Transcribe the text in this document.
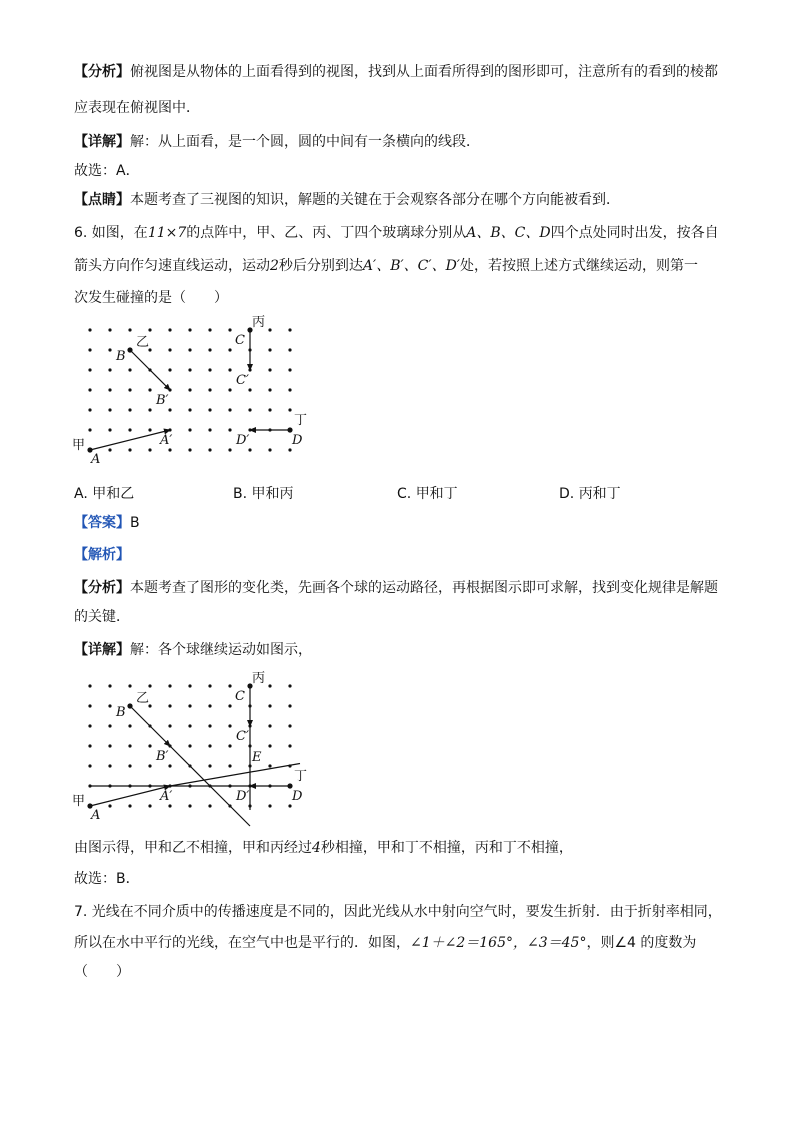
【分析】俯视图是从物体的上面看得到的视图，找到从上面看所得到的图形即可，注意所有的看到的棱都
应表现在俯视图中．
【详解】解：从上面看，是一个圆，圆的中间有一条横向的线段．
故选：A．
【点睛】本题考查了三视图的知识，解题的关键在于会观察各部分在哪个方向能被看到．
6. 如图，在11×7的点阵中，甲、乙、丙、丁四个玻璃球分别从A、B、C、D四个点处同时出发，按各自
箭头方向作匀速直线运动，运动2秒后分别到达A′、B′、C′、D′处，若按照上述方式继续运动，则第一
次发生碰撞的是（　　）
A
甲	A′
B
乙
B′
C
丙
C′
D
丁
D′
A. 甲和乙	B. 甲和丙	C. 甲和丁	D. 丙和丁
【答案】B
【解析】
【分析】本题考查了图形的变化类，先画各个球的运动路径，再根据图示即可求解，找到变化规律是解题
的关键．
【详解】解：各个球继续运动如图示，
A
甲	A′
B
乙
B′
C
丙
C′
D
丁
D′
E
由图示得，甲和乙不相撞，甲和丙经过4秒相撞，甲和丁不相撞，丙和丁不相撞，
故选：B．
7. 光线在不同介质中的传播速度是不同的，因此光线从水中射向空气时，要发生折射．由于折射率相同，
所以在水中平行的光线，在空气中也是平行的．如图，∠1＋∠2＝165°，∠3＝45°，则∠4 的度数为
（　　）
